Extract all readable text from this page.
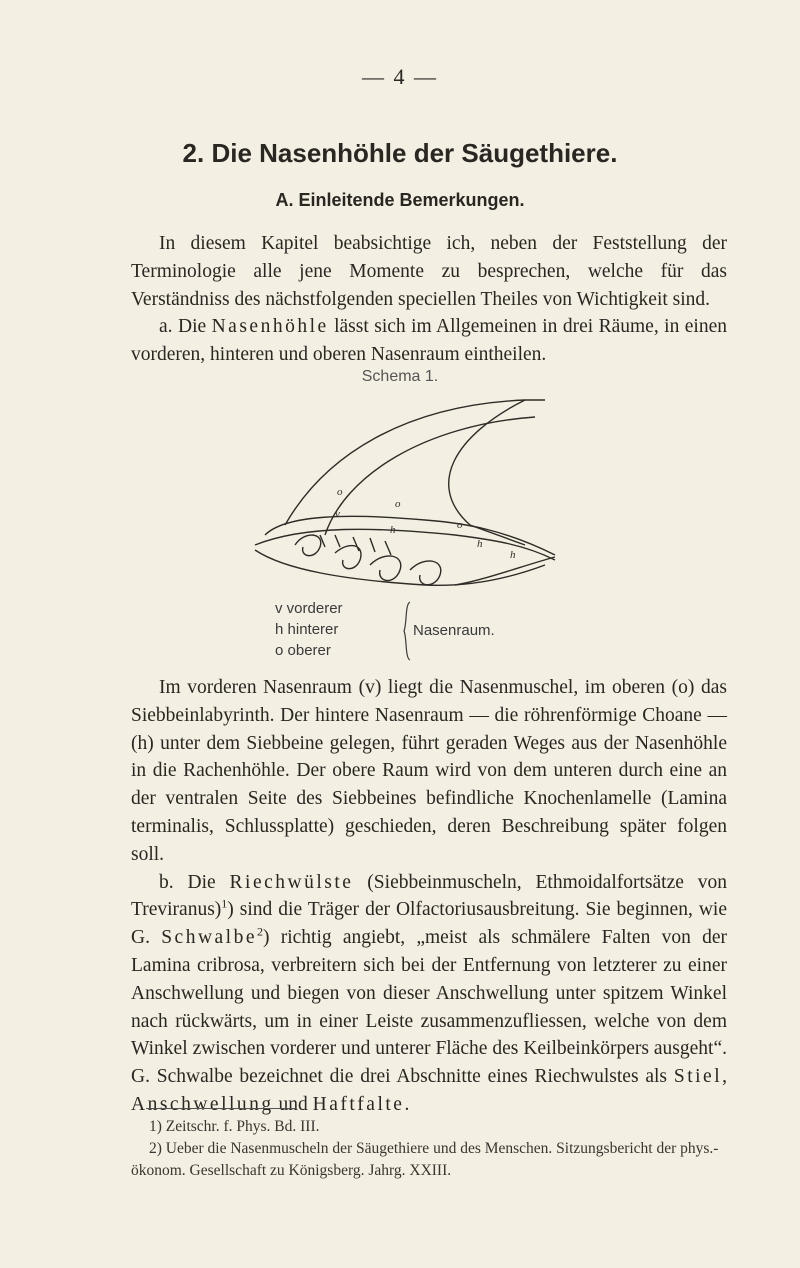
— 4 —
2. Die Nasenhöhle der Säugethiere.
A. Einleitende Bemerkungen.

In diesem Kapitel beabsichtige ich, neben der Feststellung der Terminologie alle jene Momente zu besprechen, welche für das Verständniss des nächstfolgenden speciellen Theiles von Wichtigkeit sind.

a. Die Nasenhöhle lässt sich im Allgemeinen in drei Räume, in einen vorderen, hinteren und oberen Nasenraum eintheilen.

Schema 1.
o
o
v
h	o
h
h
v vorderer
h hinterer
o oberer
Nasenraum.

Im vorderen Nasenraum (v) liegt die Nasenmuschel, im oberen (o) das Siebbeinlabyrinth. Der hintere Nasenraum — die röhrenförmige Choane — (h) unter dem Siebbeine gelegen, führt geraden Weges aus der Nasenhöhle in die Rachenhöhle. Der obere Raum wird von dem unteren durch eine an der ventralen Seite des Siebbeines befindliche Knochenlamelle (Lamina terminalis, Schlussplatte) geschieden, deren Beschreibung später folgen soll.

b. Die Riechwülste (Siebbeinmuscheln, Ethmoidalfortsätze von Treviranus)$^1$) sind die Träger der Olfactoriusausbreitung. Sie beginnen, wie G. Schwalbe$^2$) richtig angiebt, „meist als schmälere Falten von der Lamina cribrosa, verbreitern sich bei der Entfernung von letzterer zu einer Anschwellung und biegen von dieser Anschwellung unter spitzem Winkel nach rückwärts, um in einer Leiste zusammenzufliessen, welche von dem Winkel zwischen vorderer und unterer Fläche des Keilbeinkörpers ausgeht“. G. Schwalbe bezeichnet die drei Abschnitte eines Riechwulstes als Stiel, Anschwellung und Haftfalte.

1) Zeitschr. f. Phys. Bd. III.

2) Ueber die Nasenmuscheln der Säugethiere und des Menschen. Sitzungsbericht der phys.-ökonom. Gesellschaft zu Königsberg. Jahrg. XXIII.
